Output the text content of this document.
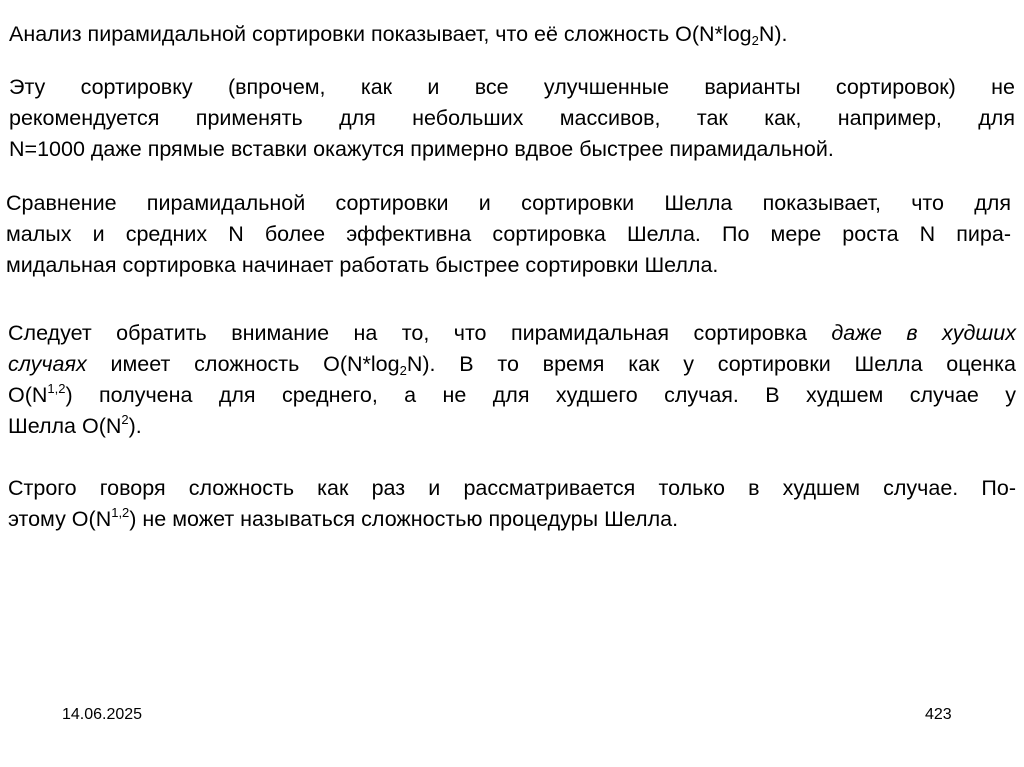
Анализ пирамидальной сортировки показывает, что её сложность $O(N*\log_2N)$.
Эту сортировку (впрочем, как и все улучшенные варианты сортировок) не
рекомендуется применять для небольших массивов, так как, например, для
N=1000 даже прямые вставки окажутся примерно вдвое быстрее пирамидальной.
Сравнение пирамидальной сортировки и сортировки Шелла показывает, что для
малых и средних N более эффективна сортировка Шелла. По мере роста N пира-
мидальная сортировка начинает работать быстрее сортировки Шелла.
Следует обратить внимание на то, что пирамидальная сортировка даже в худших
случаях имеет сложность $O(N*\log_2N)$. В то время как у сортировки Шелла оценка
$O(N^{1,2})$ получена для среднего, а не для худшего случая. В худшем случае у
Шелла $O(N^2)$.
Строго говоря сложность как раз и рассматривается только в худшем случае. По-
этому $O(N^{1,2})$ не может называться сложностью процедуры Шелла.
14.06.2025	423
